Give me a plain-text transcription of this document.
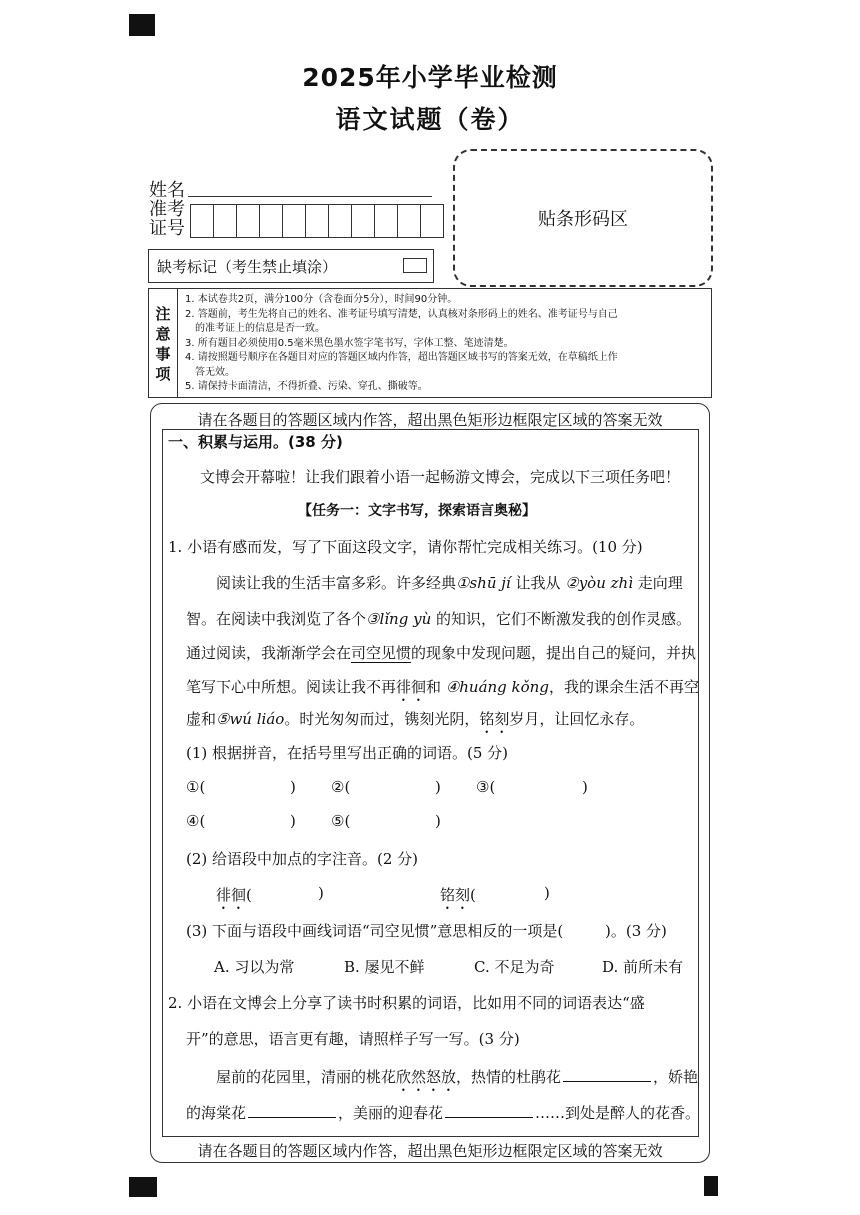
2025年小学毕业检测
语文试题（卷）
姓名
准考
证号
缺考标记（考生禁止填涂）
贴条形码区
注
意
事
项
1. 本试卷共2页，满分100分（含卷面分5分），时间90分钟。
2. 答题前，考生先将自己的姓名、准考证号填写清楚，认真核对条形码上的姓名、准考证号与自己
的准考证上的信息是否一致。
3. 所有题目必须使用0.5毫米黑色墨水签字笔书写，字体工整、笔迹清楚。
4. 请按照题号顺序在各题目对应的答题区域内作答，超出答题区域书写的答案无效，在草稿纸上作
答无效。
5. 请保持卡面清洁，不得折叠、污染、穿孔、撕破等。
请在各题目的答题区域内作答，超出黑色矩形边框限定区域的答案无效
请在各题目的答题区域内作答，超出黑色矩形边框限定区域的答案无效
一、积累与运用。(38 分)
文博会开幕啦！让我们跟着小语一起畅游文博会，完成以下三项任务吧！
【任务一：文字书写，探索语言奥秘】
1. 小语有感而发，写了下面这段文字，请你帮忙完成相关练习。(10 分)
阅读让我的生活丰富多彩。许多经典①shū jí 让我从 ②yòu zhì 走向理
智。在阅读中我浏览了各个③lǐng yù 的知识，它们不断激发我的创作灵感。
通过阅读，我渐渐学会在司空见惯的现象中发现问题，提出自己的疑问，并执
笔写下心中所想。阅读让我不再徘徊和 ④huáng kǒng，我的课余生活不再空
虚和⑤wú liáo。时光匆匆而过，镌刻光阴，铭刻岁月，让回忆永存。
(1) 根据拼音，在括号里写出正确的词语。(5 分)
①(	) ②(	) ③(	)
④(	) ⑤(	)
(2) 给语段中加点的字注音。(2 分)
徘徊(	)	铭刻(	)
(3) 下面与语段中画线词语“司空见惯”意思相反的一项是(	)。(3 分)
A. 习以为常	B. 屡见不鲜	C. 不足为奇	D. 前所未有
2. 小语在文博会上分享了读书时积累的词语，比如用不同的词语表达“盛
开”的意思，语言更有趣，请照样子写一写。(3 分)
屋前的花园里，清丽的桃花欣然怒放，热情的杜鹃花	，娇艳
的海棠花	，美丽的迎春花	……到处是醉人的花香。
